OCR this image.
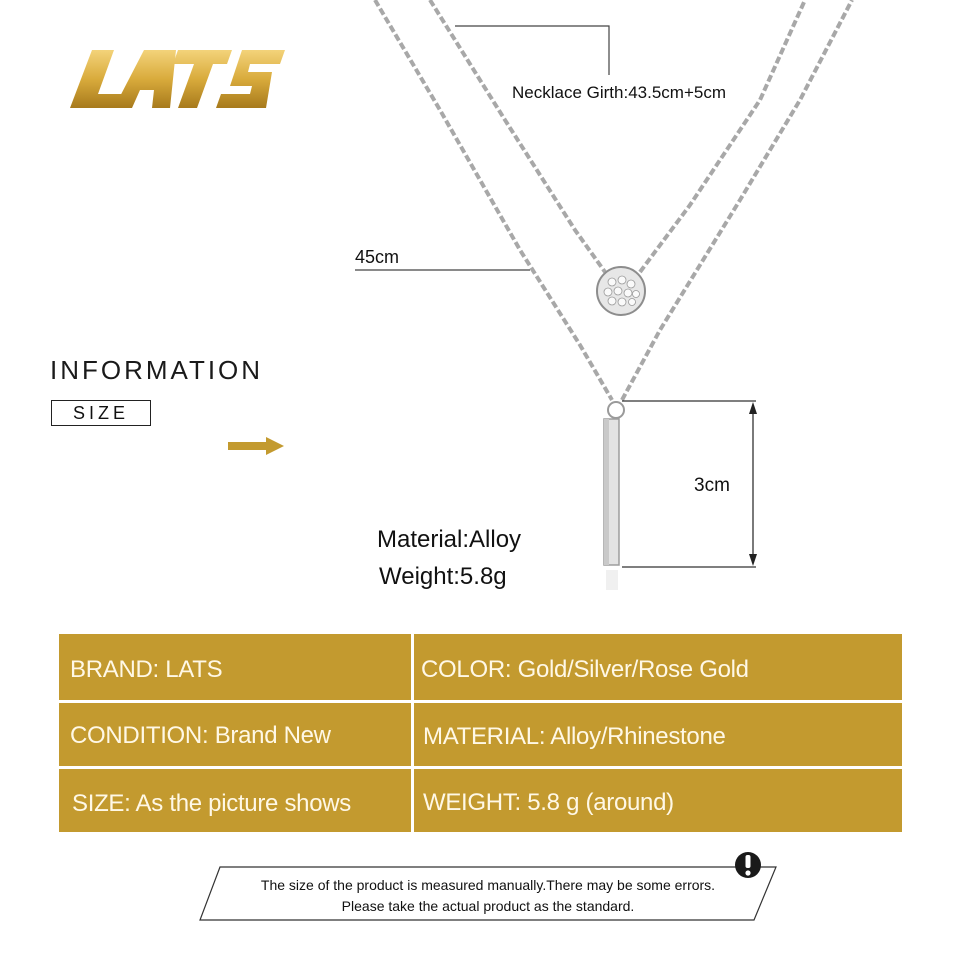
INFORMATION
SIZE
Necklace Girth:43.5cm+5cm
45cm
3cm
Material:Alloy
Weight:5.8g
BRAND: LATS	COLOR: Gold/Silver/Rose Gold
CONDITION: Brand New	MATERIAL: Alloy/Rhinestone
SIZE: As the picture shows	WEIGHT: 5.8 g (around)
The size of the product is measured manually.There may be some errors.
Please take the actual product as the standard.
